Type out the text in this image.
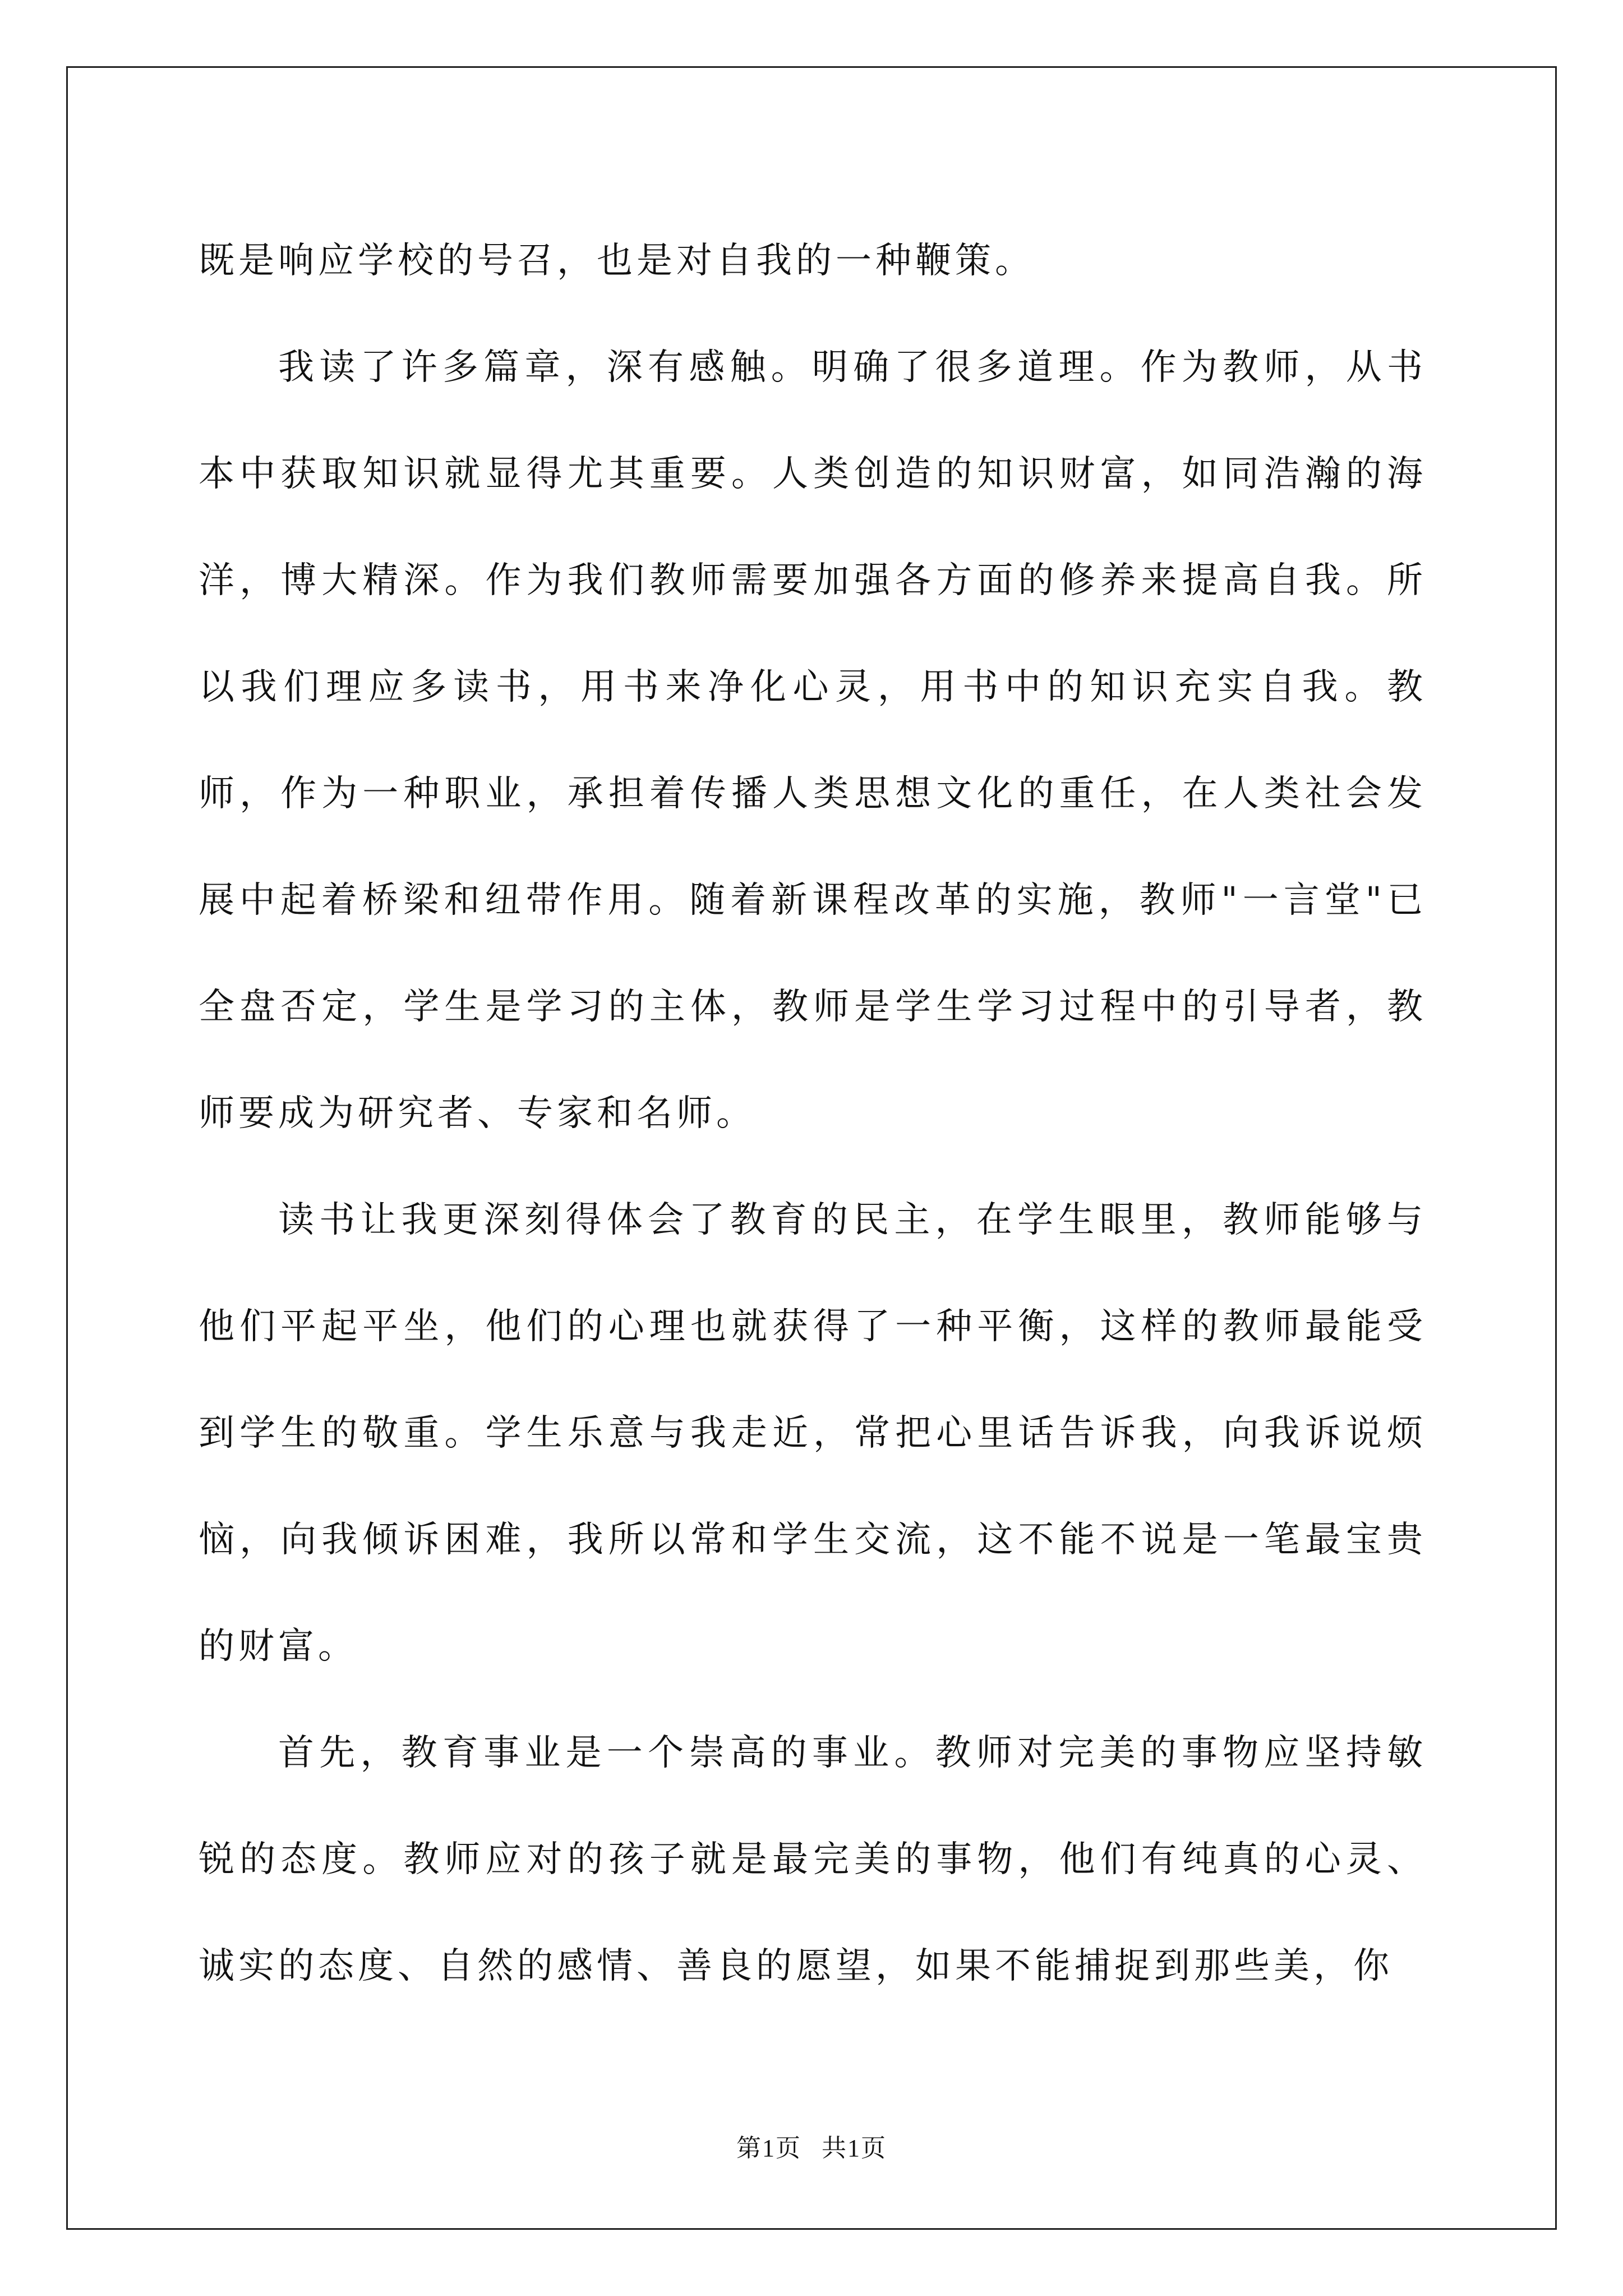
既是响应学校的号召，也是对自我的一种鞭策。

我读了许多篇章，深有感触。明确了很多道理。作为教师，从书本中获取知识就显得尤其重要。人类创造的知识财富，如同浩瀚的海洋，博大精深。作为我们教师需要加强各方面的修养来提高自我。所以我们理应多读书，用书来净化心灵，用书中的知识充实自我。教师，作为一种职业，承担着传播人类思想文化的重任，在人类社会发展中起着桥梁和纽带作用。随着新课程改革的实施，教师"一言堂"已全盘否定，学生是学习的主体，教师是学生学习过程中的引导者，教师要成为研究者、专家和名师。

读书让我更深刻得体会了教育的民主，在学生眼里，教师能够与他们平起平坐，他们的心理也就获得了一种平衡，这样的教师最能受到学生的敬重。学生乐意与我走近，常把心里话告诉我，向我诉说烦恼，向我倾诉困难，我所以常和学生交流，这不能不说是一笔最宝贵的财富。

首先，教育事业是一个崇高的事业。教师对完美的事物应坚持敏锐的态度。教师应对的孩子就是最完美的事物，他们有纯真的心灵、诚实的态度、自然的感情、善良的愿望，如果不能捕捉到那些美，你

第1页 共1页
